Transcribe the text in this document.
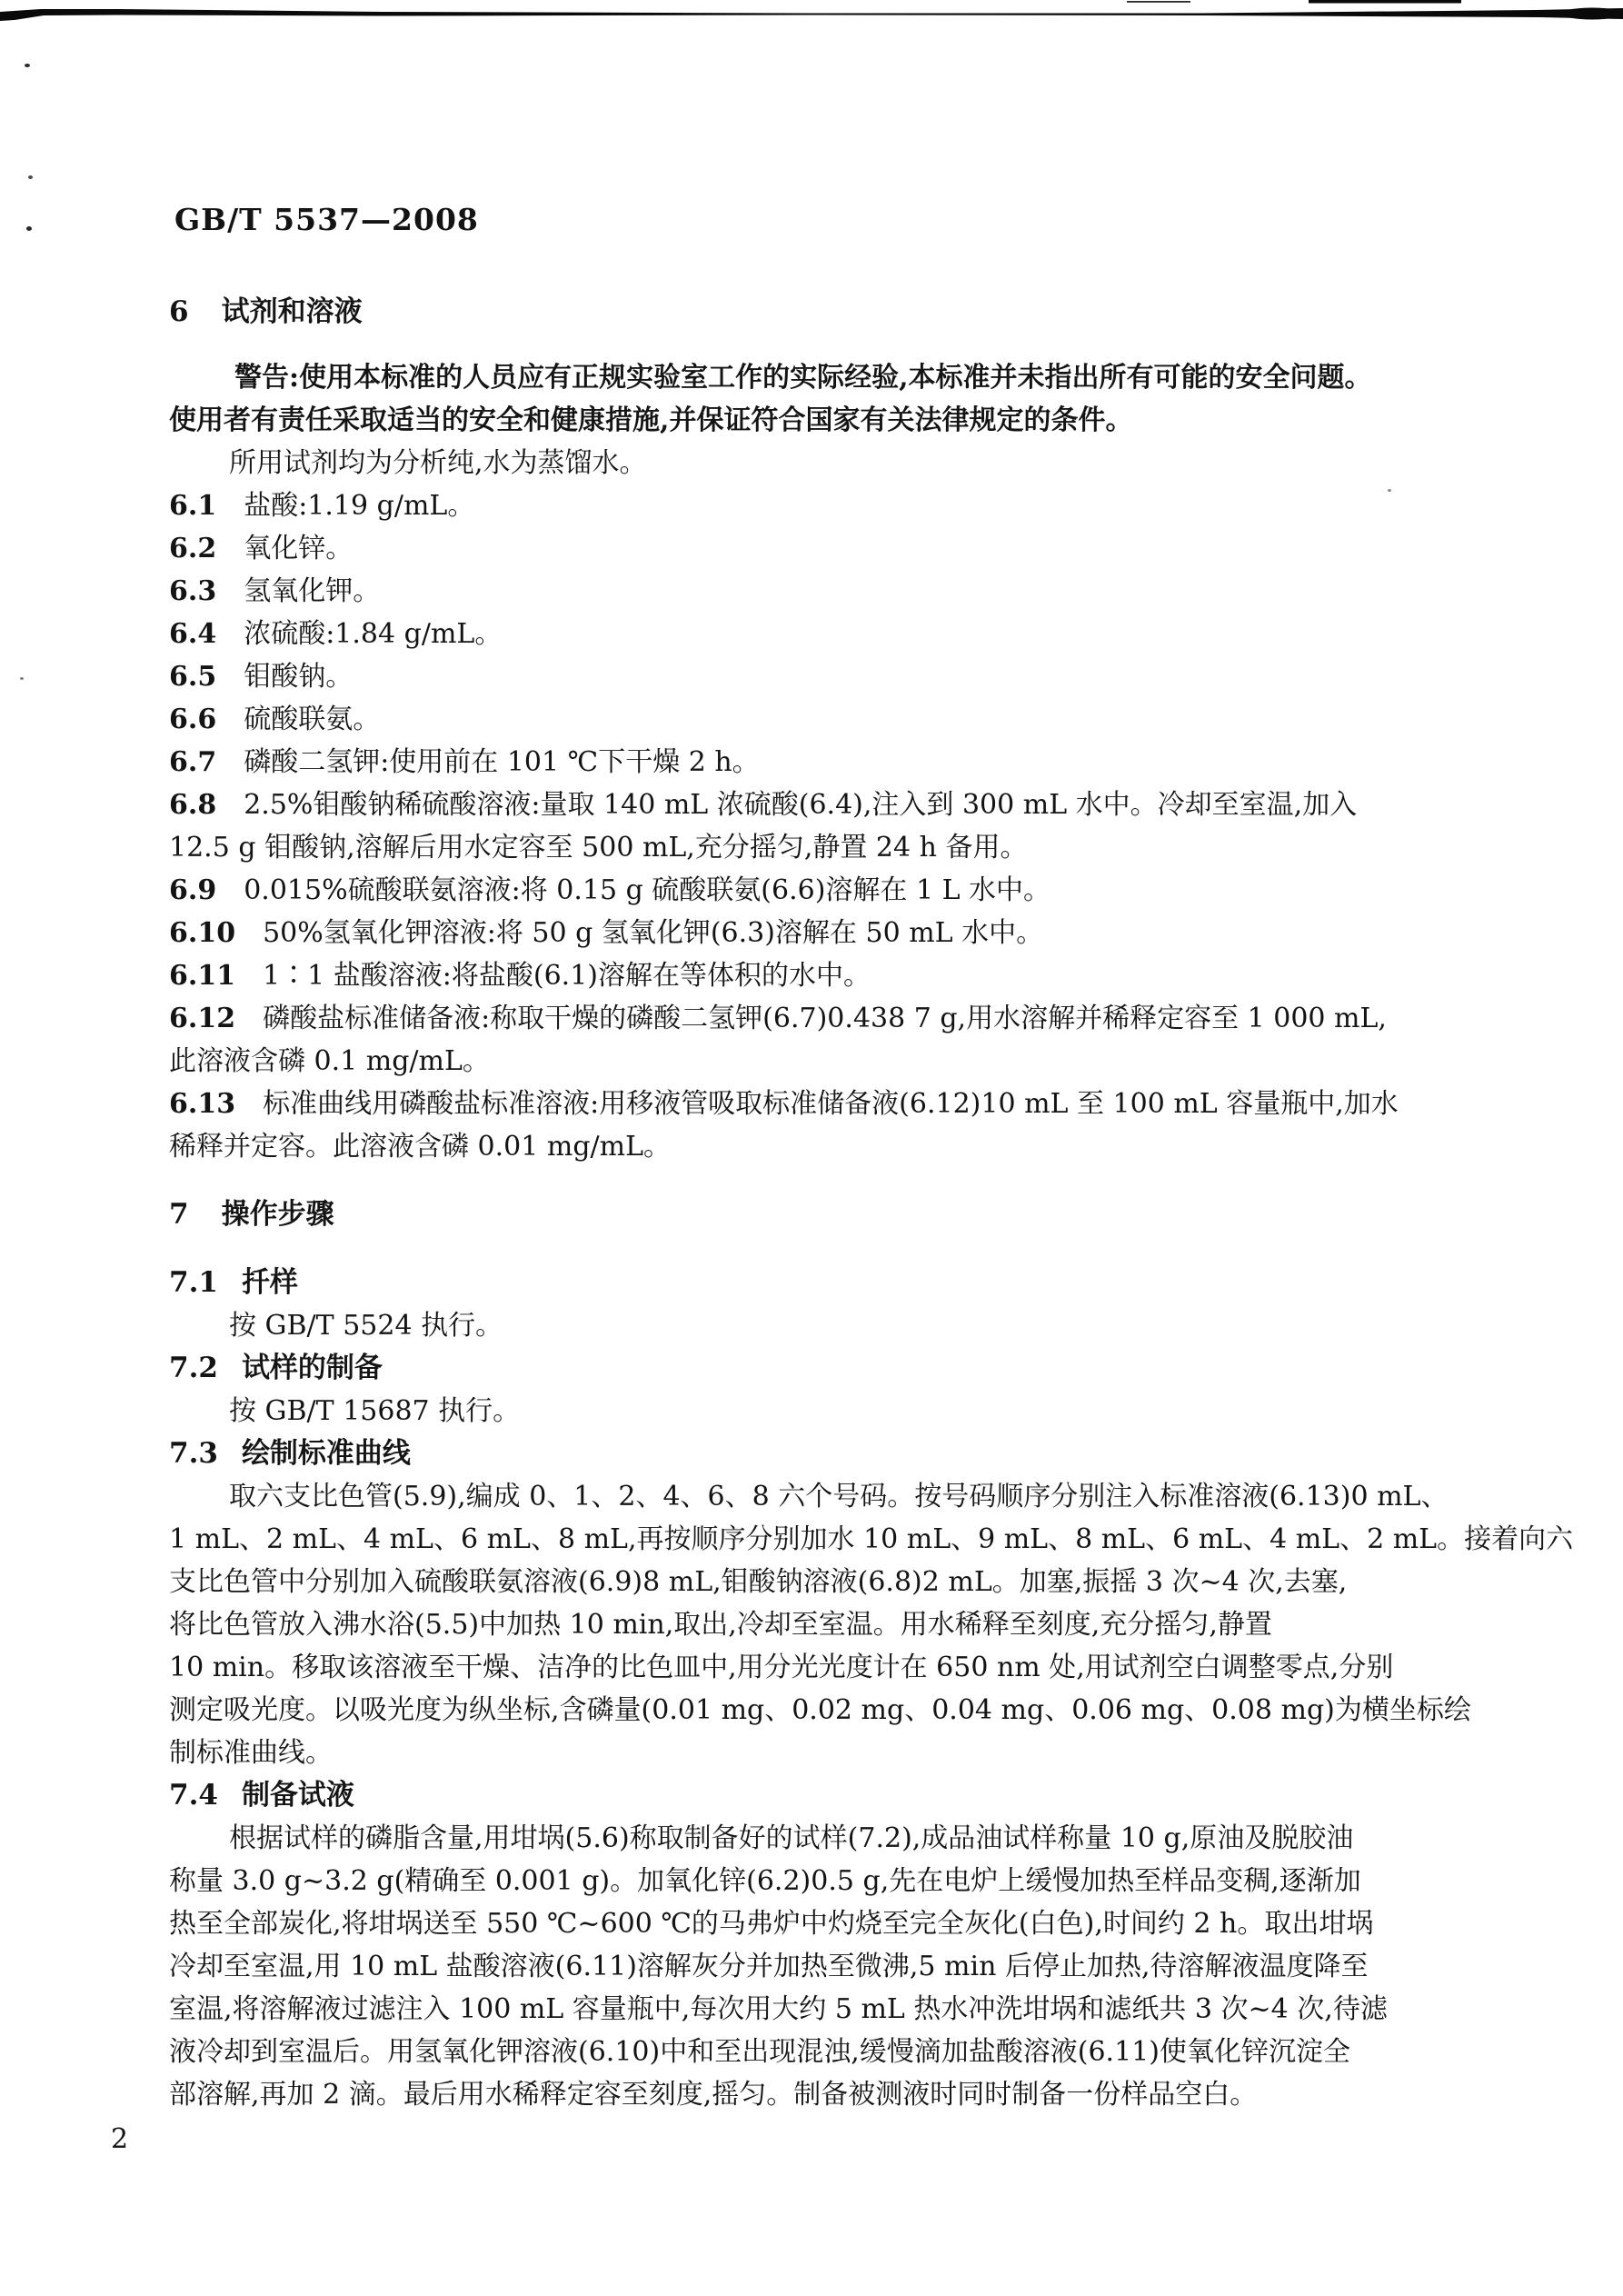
GB/T 5537—2008
6 试剂和溶液
警告:使用本标准的人员应有正规实验室工作的实际经验,本标准并未指出所有可能的安全问题。
使用者有责任采取适当的安全和健康措施,并保证符合国家有关法律规定的条件。
所用试剂均为分析纯,水为蒸馏水。
6.1 盐酸:1.19 g/mL。
6.2 氧化锌。
6.3 氢氧化钾。
6.4 浓硫酸:1.84 g/mL。
6.5 钼酸钠。
6.6 硫酸联氨。
6.7 磷酸二氢钾:使用前在 101 ℃下干燥 2 h。
6.8 2.5%钼酸钠稀硫酸溶液:量取 140 mL 浓硫酸(6.4),注入到 300 mL 水中。冷却至室温,加入
12.5 g 钼酸钠,溶解后用水定容至 500 mL,充分摇匀,静置 24 h 备用。
6.9 0.015%硫酸联氨溶液:将 0.15 g 硫酸联氨(6.6)溶解在 1 L 水中。
6.10 50%氢氧化钾溶液:将 50 g 氢氧化钾(6.3)溶解在 50 mL 水中。
6.11 1∶1 盐酸溶液:将盐酸(6.1)溶解在等体积的水中。
6.12 磷酸盐标准储备液:称取干燥的磷酸二氢钾(6.7)0.438 7 g,用水溶解并稀释定容至 1 000 mL,
此溶液含磷 0.1 mg/mL。
6.13 标准曲线用磷酸盐标准溶液:用移液管吸取标准储备液(6.12)10 mL 至 100 mL 容量瓶中,加水
稀释并定容。此溶液含磷 0.01 mg/mL。
7 操作步骤
7.1 扦样
按 GB/T 5524 执行。
7.2 试样的制备
按 GB/T 15687 执行。
7.3 绘制标准曲线
取六支比色管(5.9),编成 0、1、2、4、6、8 六个号码。按号码顺序分别注入标准溶液(6.13)0 mL、
1 mL、2 mL、4 mL、6 mL、8 mL,再按顺序分别加水 10 mL、9 mL、8 mL、6 mL、4 mL、2 mL。接着向六
支比色管中分别加入硫酸联氨溶液(6.9)8 mL,钼酸钠溶液(6.8)2 mL。加塞,振摇 3 次~4 次,去塞,
将比色管放入沸水浴(5.5)中加热 10 min,取出,冷却至室温。用水稀释至刻度,充分摇匀,静置
10 min。移取该溶液至干燥、洁净的比色皿中,用分光光度计在 650 nm 处,用试剂空白调整零点,分别
测定吸光度。以吸光度为纵坐标,含磷量(0.01 mg、0.02 mg、0.04 mg、0.06 mg、0.08 mg)为横坐标绘
制标准曲线。
7.4 制备试液
根据试样的磷脂含量,用坩埚(5.6)称取制备好的试样(7.2),成品油试样称量 10 g,原油及脱胶油
称量 3.0 g~3.2 g(精确至 0.001 g)。加氧化锌(6.2)0.5 g,先在电炉上缓慢加热至样品变稠,逐渐加
热至全部炭化,将坩埚送至 550 ℃~600 ℃的马弗炉中灼烧至完全灰化(白色),时间约 2 h。取出坩埚
冷却至室温,用 10 mL 盐酸溶液(6.11)溶解灰分并加热至微沸,5 min 后停止加热,待溶解液温度降至
室温,将溶解液过滤注入 100 mL 容量瓶中,每次用大约 5 mL 热水冲洗坩埚和滤纸共 3 次~4 次,待滤
液冷却到室温后。用氢氧化钾溶液(6.10)中和至出现混浊,缓慢滴加盐酸溶液(6.11)使氧化锌沉淀全
部溶解,再加 2 滴。最后用水稀释定容至刻度,摇匀。制备被测液时同时制备一份样品空白。
2
